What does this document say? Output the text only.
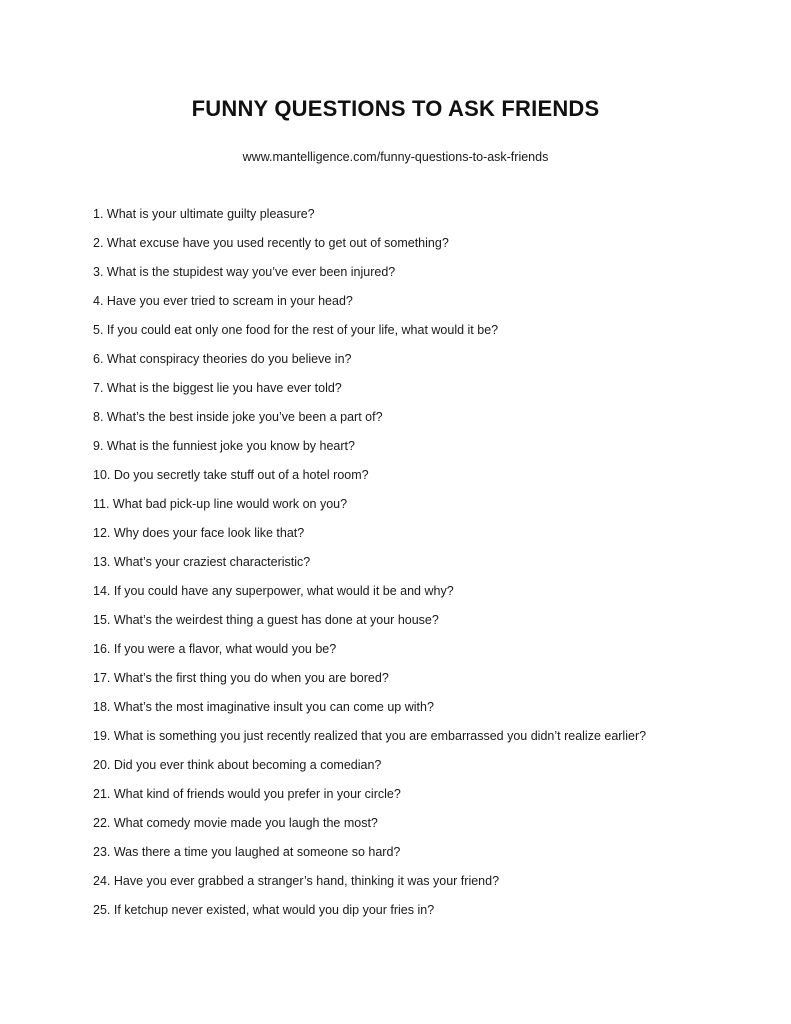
FUNNY QUESTIONS TO ASK FRIENDS
www.mantelligence.com/funny-questions-to-ask-friends
1. What is your ultimate guilty pleasure?
2. What excuse have you used recently to get out of something?
3. What is the stupidest way you’ve ever been injured?
4. Have you ever tried to scream in your head?
5. If you could eat only one food for the rest of your life, what would it be?
6. What conspiracy theories do you believe in?
7. What is the biggest lie you have ever told?
8. What’s the best inside joke you’ve been a part of?
9. What is the funniest joke you know by heart?
10. Do you secretly take stuff out of a hotel room?
11. What bad pick-up line would work on you?
12. Why does your face look like that?
13. What’s your craziest characteristic?
14. If you could have any superpower, what would it be and why?
15. What’s the weirdest thing a guest has done at your house?
16. If you were a flavor, what would you be?
17. What’s the first thing you do when you are bored?
18. What’s the most imaginative insult you can come up with?
19. What is something you just recently realized that you are embarrassed you didn’t realize earlier?
20. Did you ever think about becoming a comedian?
21. What kind of friends would you prefer in your circle?
22. What comedy movie made you laugh the most?
23. Was there a time you laughed at someone so hard?
24. Have you ever grabbed a stranger’s hand, thinking it was your friend?
25. If ketchup never existed, what would you dip your fries in?
